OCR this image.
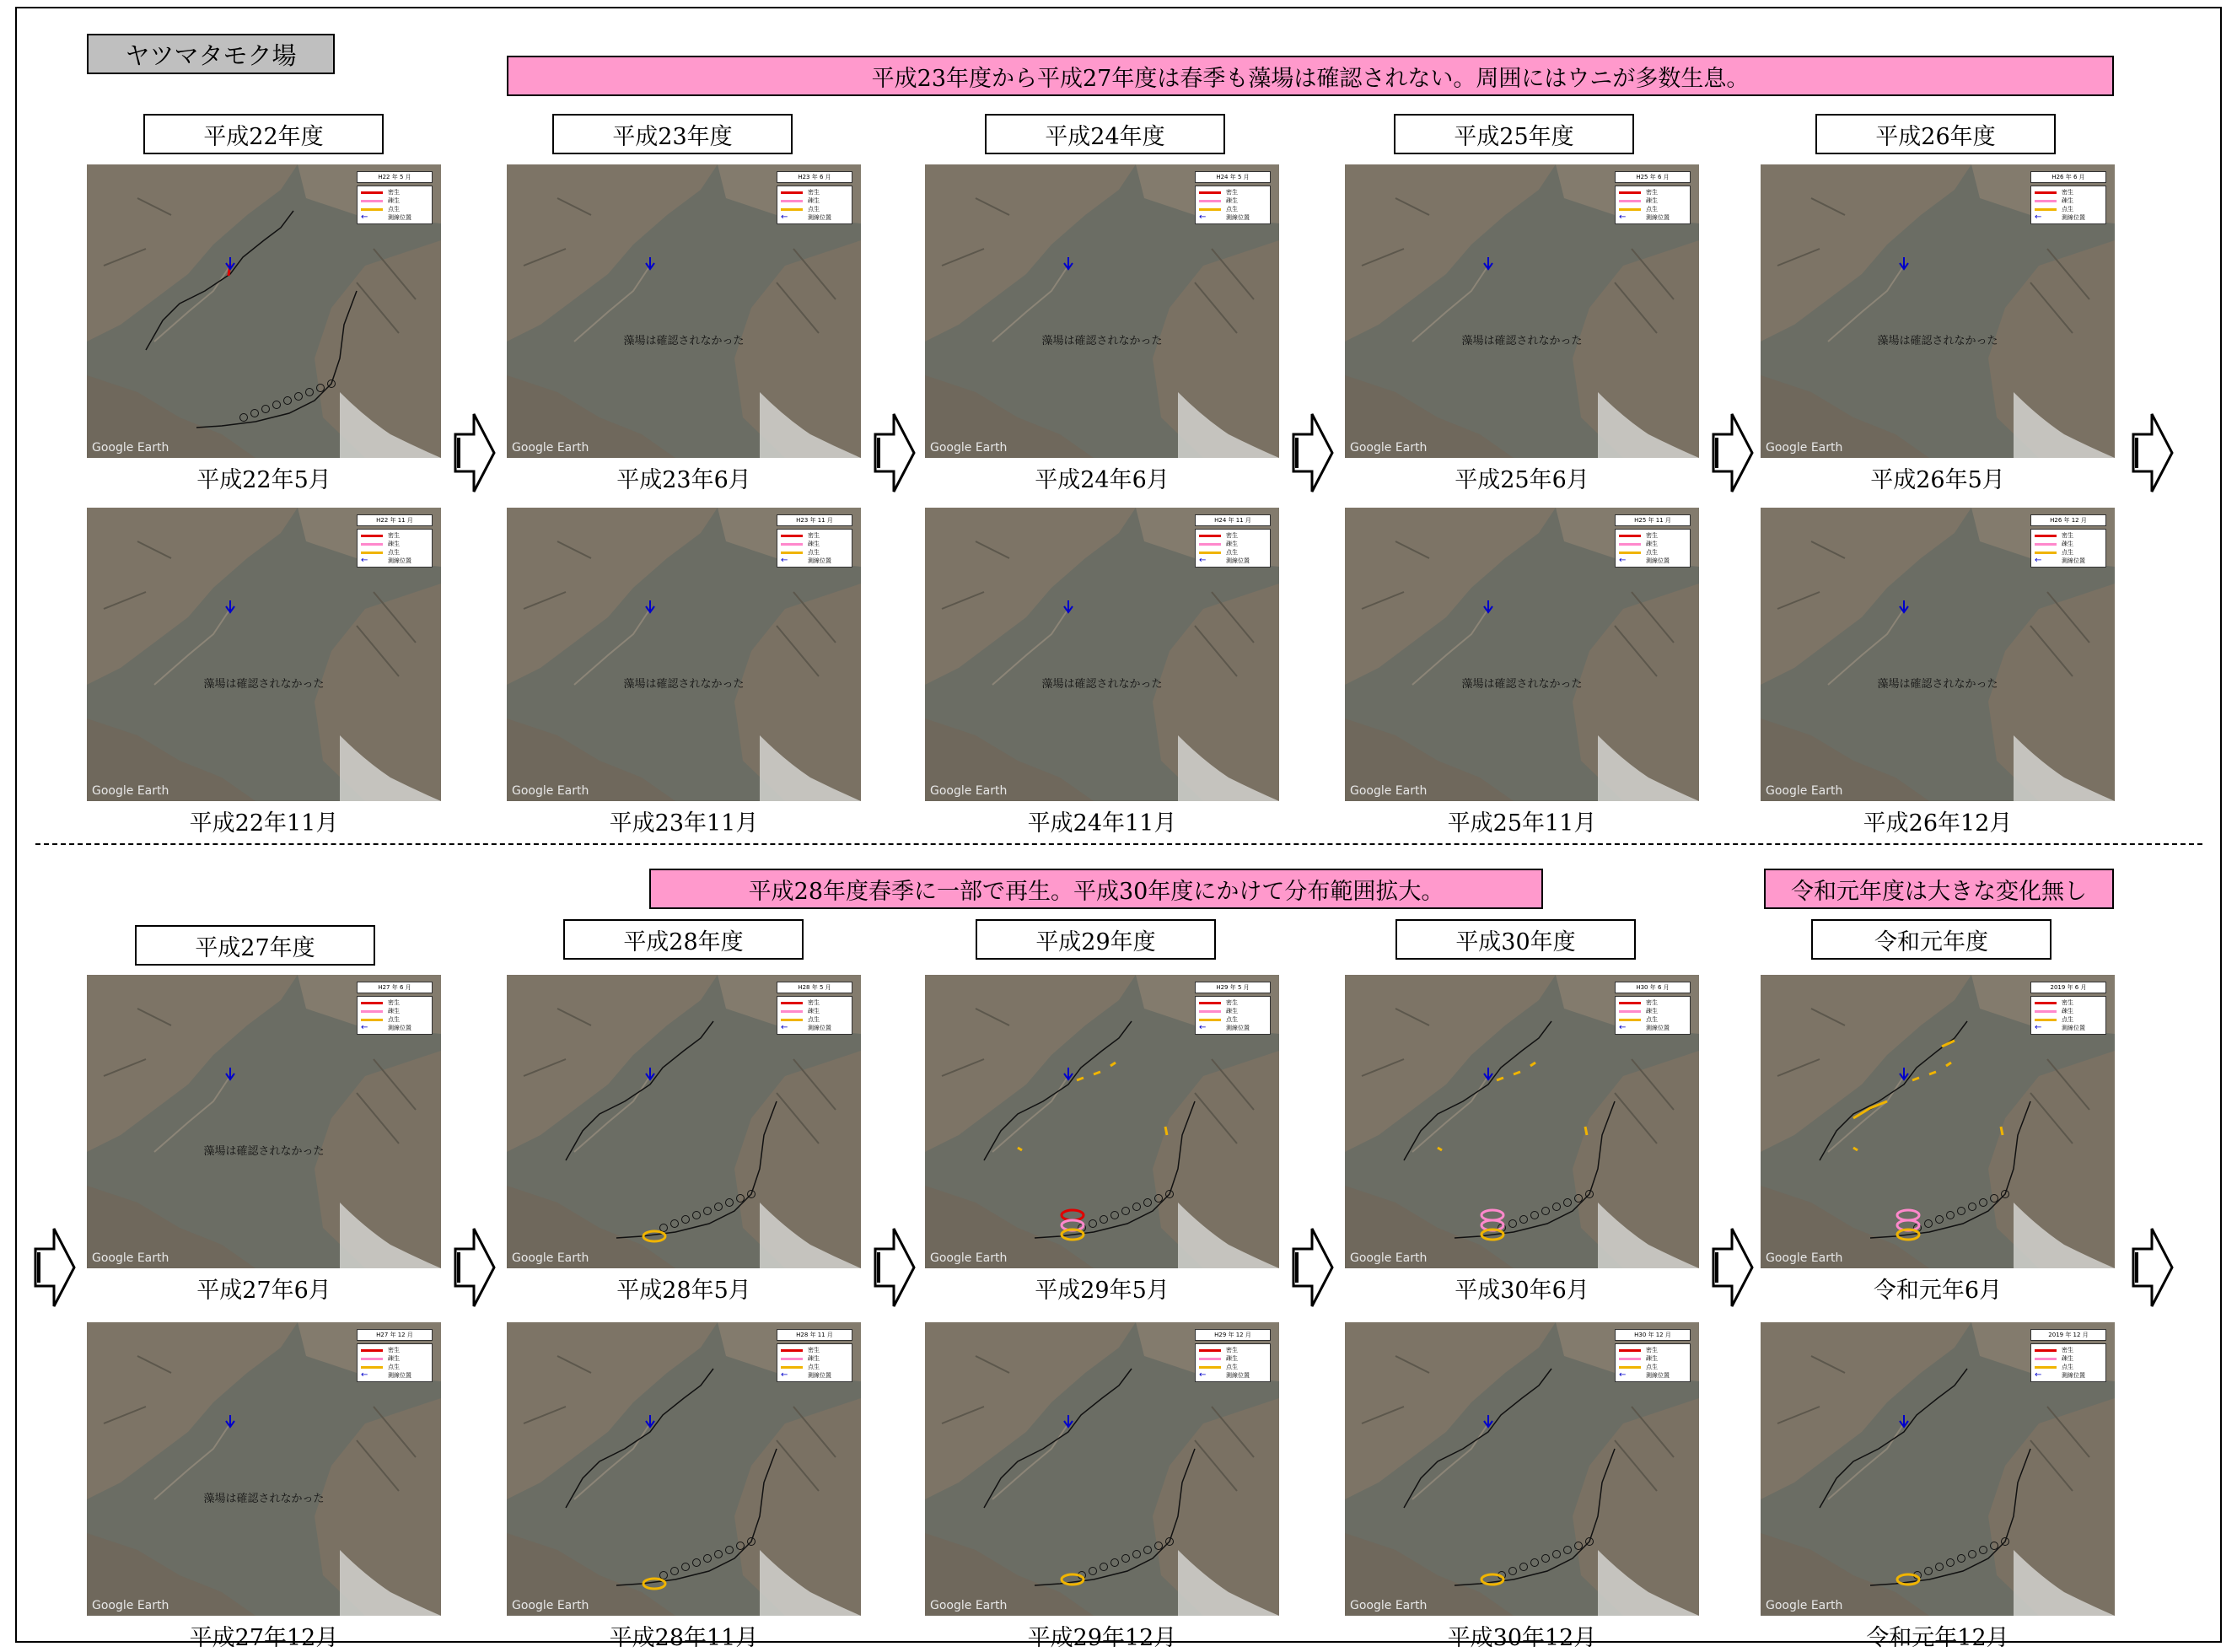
ヤツマタモク場
平成23年度から平成27年度は春季も藻場は確認されない。周囲にはウニが多数生息。
平成28年度春季に一部で再生。平成30年度にかけて分布範囲拡大。	令和元年度は大きな変化無し
平成22年度	平成23年度	平成24年度	平成25年度	平成26年度
平成27年度	平成28年度	平成29年度	平成30年度	令和元年度
H22 年 5 月
密生
疎生
点生
←	測線位置
Google Earth
平成22年5月
H22 年 11 月
密生
疎生
点生
←	測線位置
藻場は確認されなかった
Google Earth
平成22年11月
H23 年 6 月
密生
疎生
点生
←	測線位置
藻場は確認されなかった
Google Earth
平成23年6月
H23 年 11 月
密生
疎生
点生
←	測線位置
藻場は確認されなかった
Google Earth
平成23年11月
H24 年 5 月
密生
疎生
点生
←	測線位置
藻場は確認されなかった
Google Earth
平成24年6月
H24 年 11 月
密生
疎生
点生
←	測線位置
藻場は確認されなかった
Google Earth
平成24年11月
H25 年 6 月
密生
疎生
点生
←	測線位置
藻場は確認されなかった
Google Earth
平成25年6月
H25 年 11 月
密生
疎生
点生
←	測線位置
藻場は確認されなかった
Google Earth
平成25年11月
H26 年 6 月
密生
疎生
点生
←	測線位置
藻場は確認されなかった
Google Earth
平成26年5月
H26 年 12 月
密生
疎生
点生
←	測線位置
藻場は確認されなかった
Google Earth
平成26年12月
H27 年 6 月
密生
疎生
点生
←	測線位置
藻場は確認されなかった
Google Earth
平成27年6月
H27 年 12 月
密生
疎生
点生
←	測線位置
藻場は確認されなかった
Google Earth
平成27年12月
H28 年 5 月
密生
疎生
点生
←	測線位置
Google Earth
平成28年5月
H28 年 11 月
密生
疎生
点生
←	測線位置
Google Earth
平成28年11月
H29 年 5 月
密生
疎生
点生
←	測線位置
Google Earth
平成29年5月
H29 年 12 月
密生
疎生
点生
←	測線位置
Google Earth
平成29年12月
H30 年 6 月
密生
疎生
点生
←	測線位置
Google Earth
平成30年6月
H30 年 12 月
密生
疎生
点生
←	測線位置
Google Earth
平成30年12月
2019 年 6 月
密生
疎生
点生
←	測線位置
Google Earth
令和元年6月
2019 年 12 月
密生
疎生
点生
←	測線位置
Google Earth
令和元年12月
